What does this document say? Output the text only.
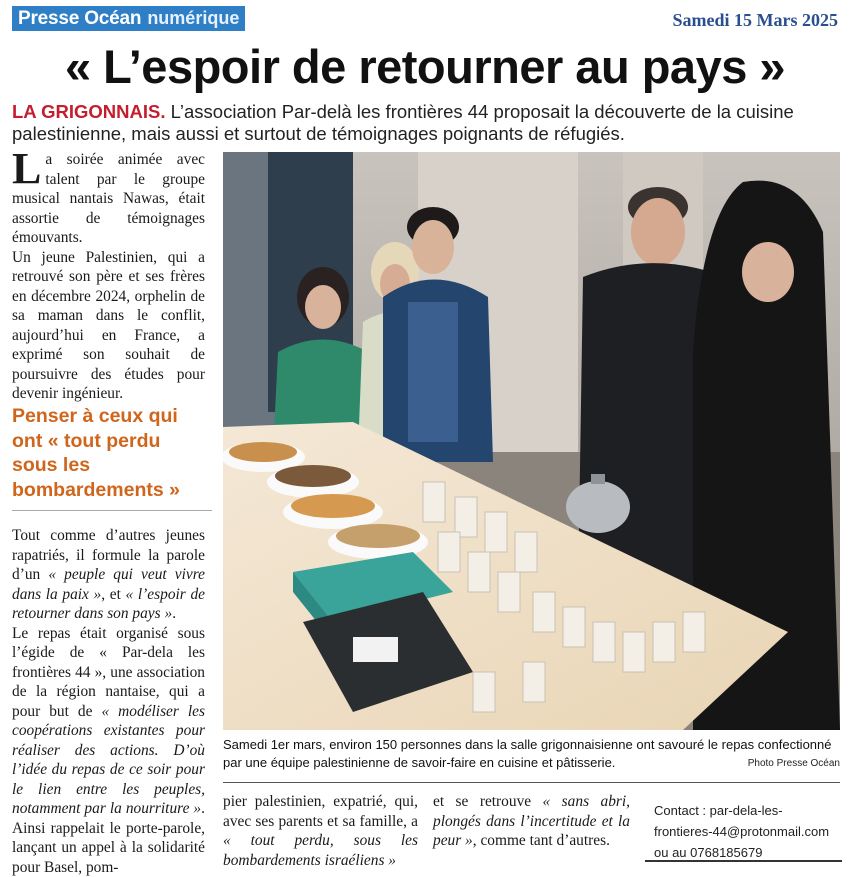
Presse Océan numérique	Samedi 15 Mars 2025
« L’espoir de retourner au pays »
LA GRIGONNAIS. L’association Par-delà les frontières 44 proposait la découverte de la cuisine palestinienne, mais aussi et surtout de témoignages poignants de réfugiés.

La soirée animée avec talent par le groupe musical nantais Nawas, était assortie de témoignages émouvants.

Un jeune Palestinien, qui a retrouvé son père et ses frères en décembre 2024, orphelin de sa maman dans le conflit, aujourd’hui en France, a exprimé son souhait de poursuivre des études pour devenir ingénieur.

Penser à ceux qui ont « tout perdu sous les bombardements »

Tout comme d’autres jeunes rapatriés, il formule la parole d’un « peuple qui veut vivre dans la paix », et « l’espoir de retourner dans son pays ».

Le repas était organisé sous l’égide de « Par-dela les frontières 44 », une association de la région nantaise, qui a pour but de « modéliser les coopérations existantes pour réaliser des actions. D’où l’idée du repas de ce soir pour le lien entre les peuples, notamment par la nourriture ». Ainsi rappelait le porte-parole, lançant un appel à la solidarité pour Basel, pom-

Samedi 1er mars, environ 150 personnes dans la salle grigonnaisienne ont savouré le repas confectionné par une équipe palestinienne de savoir-faire en cuisine et pâtisserie.	Photo Presse Océan

pier palestinien, expatrié, qui, avec ses parents et sa famille, a « tout perdu, sous les bombardements israéliens »

et se retrouve « sans abri, plongés dans l’incertitude et la peur », comme tant d’autres.

Contact : par-dela-les-frontieres-44@protonmail.com ou au 0768185679
